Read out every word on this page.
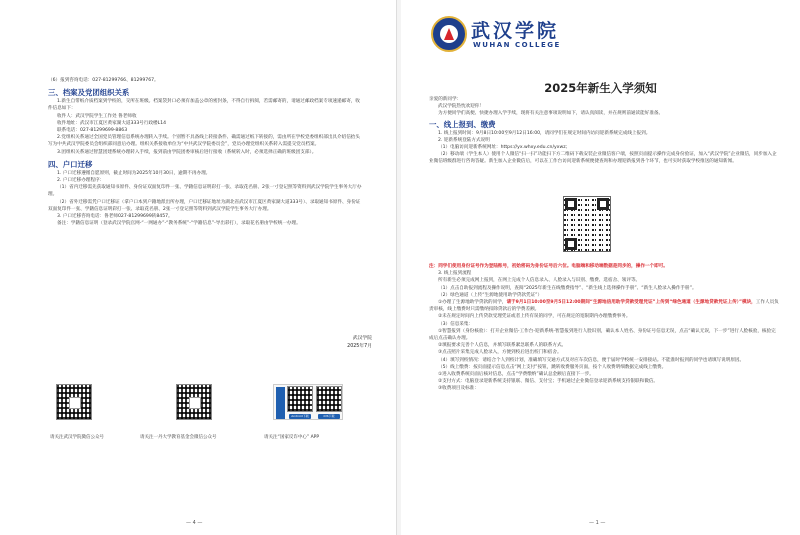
（6）报到咨询电话：027-81299766、81299767。
三、档案及党团组织关系
1.新生自带纸介质档案到学校的，交所在班级。档案袋封口必须有加盖公章的密封条，不得自行拆阅，若需邮寄的，请通过邮政档案专项速递邮寄，收件信息如下：
收件人：武汉学院学生工作处 鲁老师收
收件地址：武汉市江夏区黄家湖大道333号行政楼L14
联系电话：027-81299699-8863
2.党组织关系通过全国党员管理信息系统办理转入手续。个别暂不具备线上转接条件、确需通过纸下转接的，需由所在学校党委组织部出具介绍信抬头写为中共武汉学院委员会组织部同意后办理。组织关系接收单位为“中共武汉学院委员会”，党员办理党组织关系转入需提交党员档案。
3.团组织关系通过智慧团建系统办理转入手续，报到前由学院团委审核后进行接收（系统转入时，必须选择正确的班级团支部）。
四、户口迁移
1. 户口迁移遵循自愿原则，截止时间为2025年10月30日，逾期不再办理。
2. 户口迁移办理程序：
（1）省内迁移需先获取通知书原件、身份证双面复印件一张、学籍信息证明彩打一张、录取花名册、2张一寸登记照等资料到武汉学院学生事务大厅办理。
（2）省外迁移需凭户口迁移证（拿户口本到户籍地派出所办理，户口迁移证地址为湖北省武汉市江夏区黄家湖大道333号）、录取通知书原件、身份证双面复印件一张、学籍信息证明彩打一张、录取花名册、2张一寸登记照等资料到武汉学院学生事务大厅办理。
3. 户口迁移咨询电话：鲁老师027-81299699转8457。
备注：学籍信息证明（登录武汉学院官网-“一网通办”-“教务系统”-“学籍信息”-导出彩打），录取花名册由学校统一办理。
武汉学院
2025年7月
请关注武汉学院微信公众号	请关注一丹大学教育基金会微信公众号
Android下载	iOS下载
请关注“国家反诈中心” APP
— 4 —
武汉学院
WUHAN COLLEGE
2025年新生入学须知
亲爱的新同学：
武汉学院热忱欢迎你！
为方便同学们高便、快捷办理入学手续，现将有关注意事项说明如下，请认真阅读，并在规则前通读能好准备。
一、线上报到、缴费
1. 线上报到时间：9月8日10:00至9月12日16:00，请同学们在规定时间内访问迎新系统完成线上报到。
2. 迎新系统登陆方式说明
（1）电脑访问迎新系统网址：https://yx.whxy.edu.cn/yxwz；
（2）移动端（学生本人）使用个人微信“扫一扫”功能扫下方二维码下载安装企业微信客户端，按照页面提示操作完成身份验证，加入“武汉学院”企业微信，同步加入企业微信班级群进行咨询答疑。新生加入企业微信后，可以在工作台访问迎新系统便捷查询和办理迎新报到各个环节，也可实时获取学校推送的通知新闻。
注：同学们使用身份证号作为登陆账号，初始密码为身份证号后六位。电脑端和移动端数据是同步的，操作一个即可。
3. 线上报到流程
所有新生必须完成网上报到，在网上完成个人信息录入、人脸录入与识别、缴费、选宿舍、领评等。
（1）点击自助报到流程及操作说明，查阅“2025年新生在线缴费指导”、“新生线上选择操作手册”、“新生人脸录入操作手册”。
（2）绿色通道（上传“生源地使用助学贷款凭证”）
①办理了生源地助学贷款的同学，请于9月1日10:00至9月5日12:00期间“生源地信用助学贷款受理凭证”上传到“绿色通道（生源地贷款凭证上传）”模块，工作人员负责审核，线上缴费时只需缴纳扣除贷款后的学费差额。
②未在规定时间内上传贷款受理凭证或者上传有误的同学，可在规定的宽限期内办理缴费事务。
（3）信息采集：
①智慧报到（身份核验）：打开企业微信-工作台-迎新系统-智慧报到进行人脸识别，确认本人姓名、身份证号信息无误，点击“确认无误，下一步”进行人脸核验，核验完成后点击确认办理。
②填报要求完善个人信息，并填写联系紧急联系人的联系方式。
③点击照片采集完成人脸录入，方便到校后进出校门和宿舍。
（4）填写到校情况：请结合个人到校计划，准确填写交通方式及对应车次信息，便于届时学校统一安排接站。不能准时报到的同学也请填写说明原因。
（5）线上缴费：按页面提示信息点击“网上支付”按钮，跳转收费服务页面，按个人收费明细数据完成线上缴费。
①进入收费系统页面后核对信息，点击“学费缴纳”确认总金额后直接下一步。
②支付方式：电脑登录迎新系统支持银联、微信、支付宝；手机通过企业微信登录迎新系统支持银联和微信。
③收费项目及标准：
— 1 —
